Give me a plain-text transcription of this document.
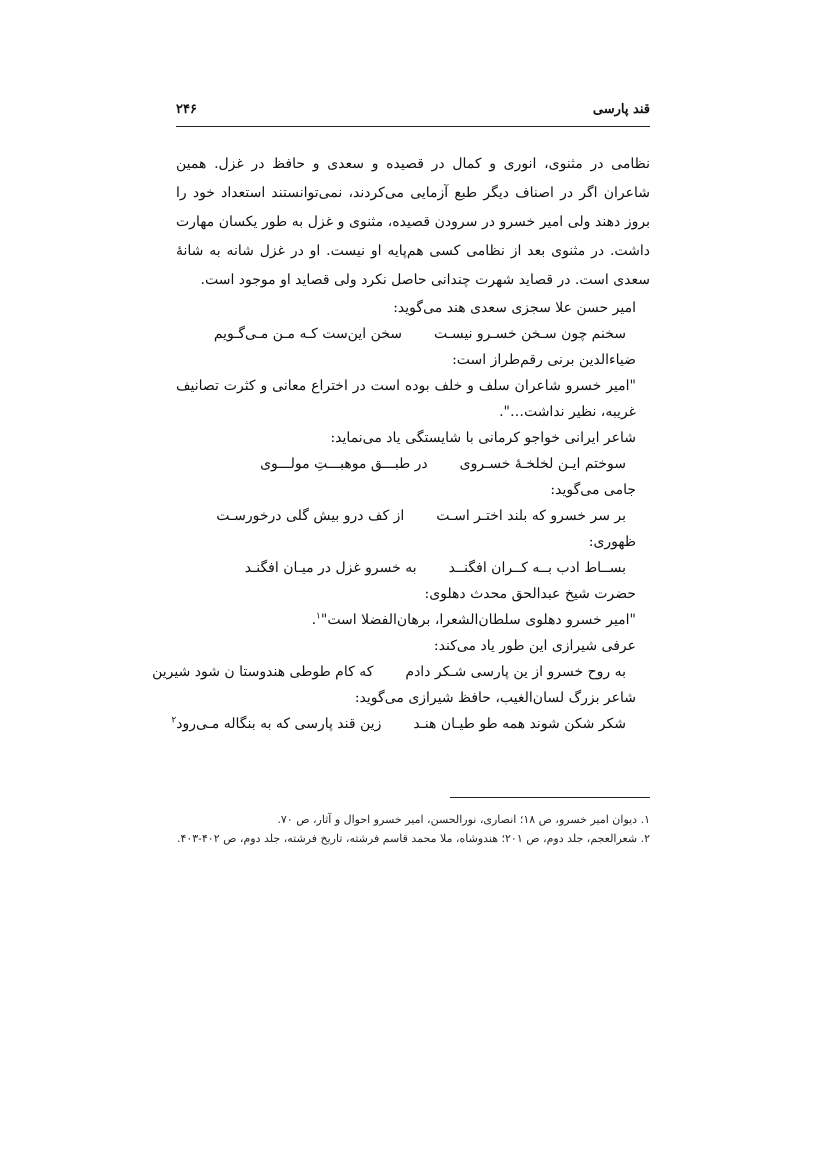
قند پارسی
۲۴۶

نظامی در مثنوی، انوری و کمال در قصیده و سعدی و حافظ در غزل. همین شاعران اگر در اصناف دیگر طبع آزمایی می‌کردند، نمی‌توانستند استعداد خود را بروز دهند ولی امیر خسرو در سرودن قصیده، مثنوی و غزل به طور یکسان مهارت داشت. در مثنوی بعد از نظامی کسی هم‌پایه او نیست. او در غزل شانه به شانهٔ سعدی است. در قصاید شهرت چندانی حاصل نکرد ولی قصاید او موجود است.

امیر حسن علا سجزی سعدی هند می‌گوید:
سخنم چون سـخن خسـرو نیسـت
سخن این‌ست کـه مـن مـی‌گـویم
ضیاءالدین برنی رقم‌طراز است:
"امیر خسرو شاعران سلف و خلف بوده است در اختراع معانی و کثرت تصانیف غریبه، نظیر نداشت…".
شاعر ایرانی خواجو کرمانی با شایستگی یاد می‌نماید:
سوختم ایـن لخلخـهٔ خسـروی
در طبـــق موهبـــتِ مولـــوی
جامی می‌گوید:
بر سر خسرو که بلند اختـر اسـت
از کف درو بیش گلی درخورسـت
ظهوری:
بســاط ادب بــه کــران افگنــد
به خسرو غزل در میـان افگنـد
حضرت شیخ عبدالحق محدث دهلوی:
"امیر خسرو دهلوی سلطان‌الشعرا، برهان‌الفضلا است"$^۱$.
عرفی شیرازی این طور یاد می‌کند:
به روح خسرو از ین پارسی شـکر دادم
که کام طوطی هندوستا ن شود شیرین
شاعر بزرگ لسان‌الغیب، حافظ شیرازی می‌گوید:
شکر شکن شوند همه طو طیـان هنـد
زین قند پارسی که به بنگاله مـی‌رود$^۲$
۱. دیوان امیر خسرو، ص ۱۸؛ انصاری، نورالحسن، امیر خسرو احوال و آثار، ص ۷۰.
۲. شعرالعجم، جلد دوم، ص ۲۰۱؛ هندوشاه، ملا محمد قاسم فرشته، تاریخ فرشته، جلد دوم، ص ۴۰۲-۴۰۳.
